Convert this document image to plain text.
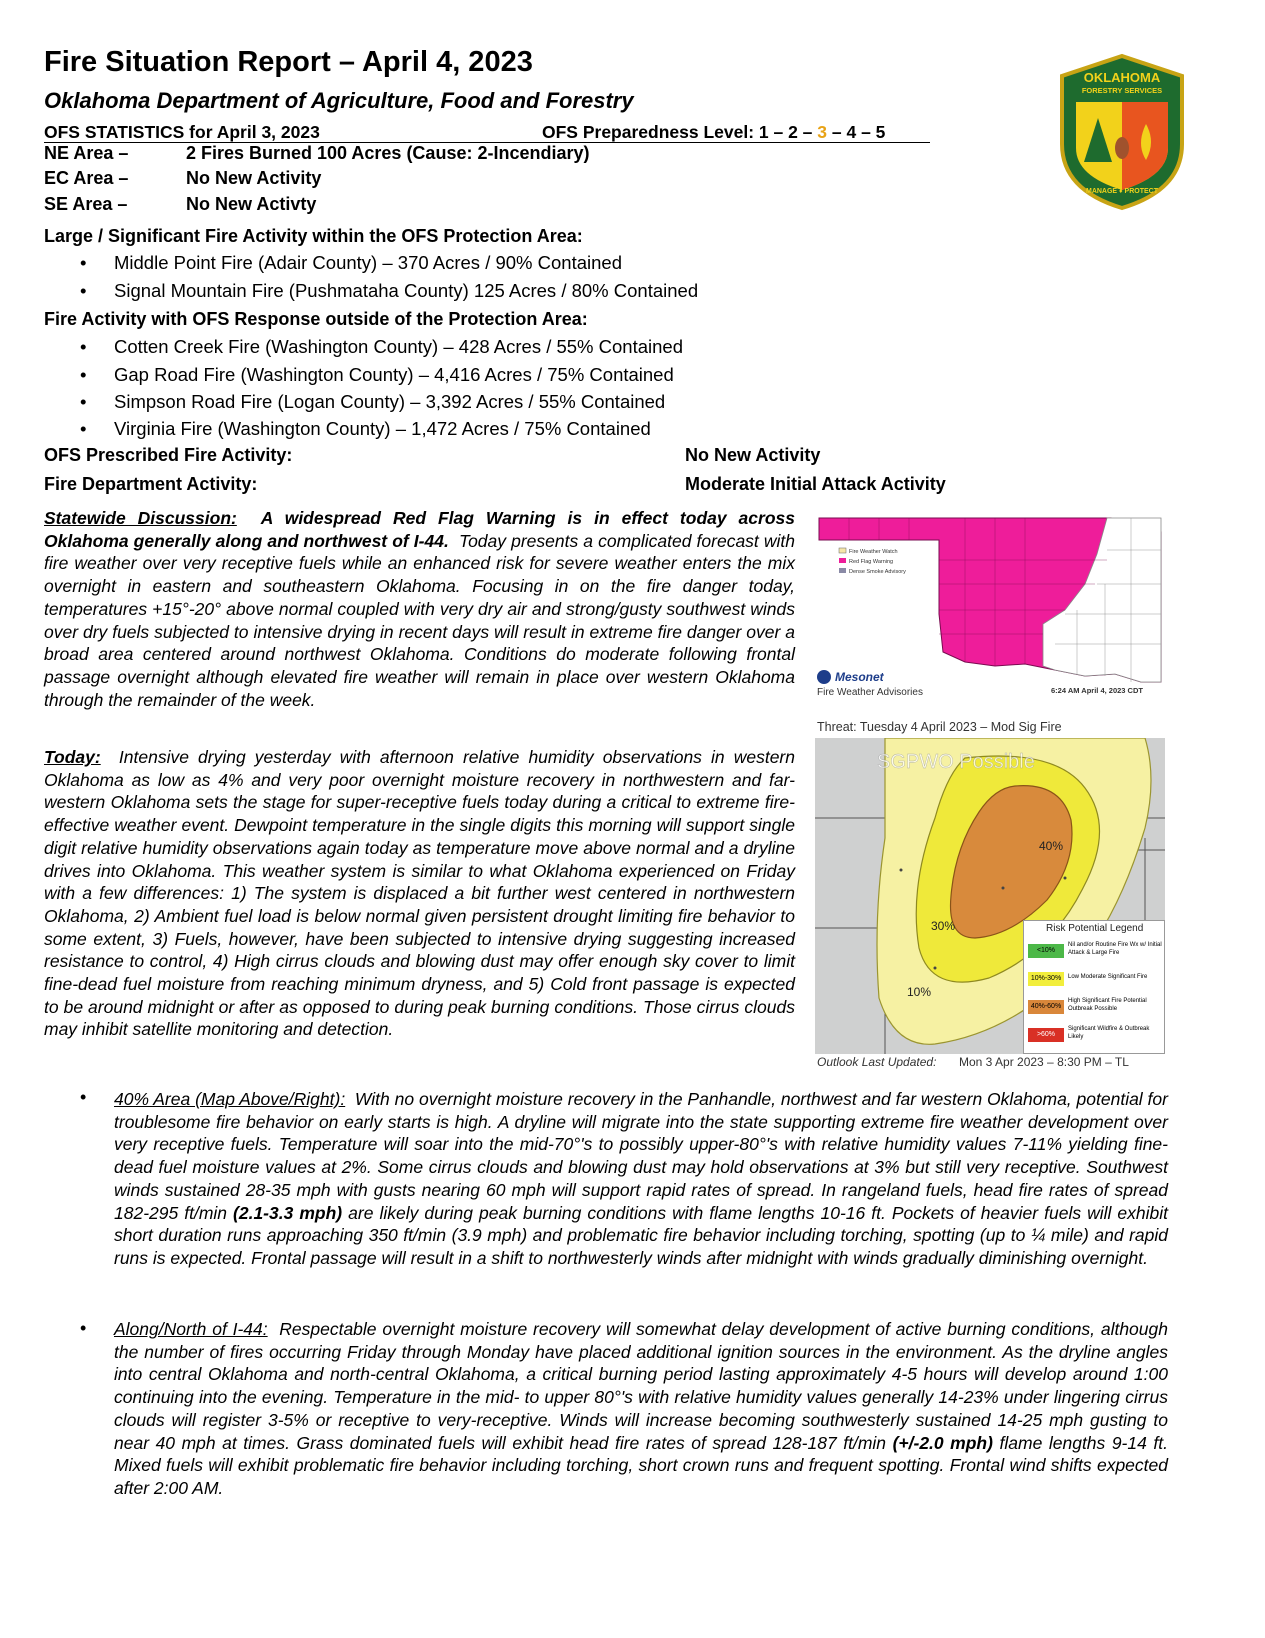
Fire Situation Report – April 4, 2023
Oklahoma Department of Agriculture, Food and Forestry
OKLAHOMA
FORESTRY SERVICES
MANAGE ♦ PROTECT
OFS STATISTICS for April 3, 2023	OFS Preparedness Level: 1 – 2 – 3 – 4 – 5
NE Area –	2 Fires Burned 100 Acres (Cause: 2-Incendiary)
EC Area –	No New Activity
SE Area –	No New Activty
Large / Significant Fire Activity within the OFS Protection Area:
• Middle Point Fire (Adair County) – 370 Acres / 90% Contained
• Signal Mountain Fire (Pushmataha County) 125 Acres / 80% Contained
Fire Activity with OFS Response outside of the Protection Area:
• Cotten Creek Fire (Washington County) – 428 Acres / 55% Contained
• Gap Road Fire (Washington County) – 4,416 Acres / 75% Contained
• Simpson Road Fire (Logan County) – 3,392 Acres / 55% Contained
• Virginia Fire (Washington County) – 1,472 Acres / 75% Contained
OFS Prescribed Fire Activity:	No New Activity
Fire Department Activity:	Moderate Initial Attack Activity
Statewide Discussion: A widespread Red Flag Warning is in effect today across Oklahoma generally along and northwest of I-44. Today presents a complicated forecast with fire weather over very receptive fuels while an enhanced risk for severe weather enters the mix overnight in eastern and southeastern Oklahoma. Focusing in on the fire danger today, temperatures +15°-20° above normal coupled with very dry air and strong/gusty southwest winds over dry fuels subjected to intensive drying in recent days will result in extreme fire danger over a broad area centered around northwest Oklahoma. Conditions do moderate following frontal passage overnight although elevated fire weather will remain in place over western Oklahoma through the remainder of the week.
Today: Intensive drying yesterday with afternoon relative humidity observations in western Oklahoma as low as 4% and very poor overnight moisture recovery in northwestern and far-western Oklahoma sets the stage for super-receptive fuels today during a critical to extreme fire-effective weather event. Dewpoint temperature in the single digits this morning will support single digit relative humidity observations again today as temperature move above normal and a dryline drives into Oklahoma. This weather system is similar to what Oklahoma experienced on Friday with a few differences: 1) The system is displaced a bit further west centered in northwestern Oklahoma, 2) Ambient fuel load is below normal given persistent drought limiting fire behavior to some extent, 3) Fuels, however, have been subjected to intensive drying suggesting increased resistance to control, 4) High cirrus clouds and blowing dust may offer enough sky cover to limit fine-dead fuel moisture from reaching minimum dryness, and 5) Cold front passage is expected to be around midnight or after as opposed to during peak burning conditions. Those cirrus clouds may inhibit satellite monitoring and detection.
Fire Weather Watch
Red Flag Warning
Dense Smoke Advisory
Mesonet
Fire Weather Advisories	6:24 AM April 4, 2023 CDT
Threat: Tuesday 4 April 2023 – Mod Sig Fire
40%
30%
10%
SGPWO Possible
Risk Potential Legend
<10%
Nil and/or Routine Fire Wx w/ Initial Attack & Large Fire
10%-30%	Low Moderate Significant Fire
40%-60%
High Significant Fire Potential Outbreak Possible
>60%
Significant Wildfire & Outbreak Likely
Outlook Last Updated: Mon 3 Apr 2023 – 8:30 PM – TL
• 40% Area (Map Above/Right): With no overnight moisture recovery in the Panhandle, northwest and far western Oklahoma, potential for troublesome fire behavior on early starts is high. A dryline will migrate into the state supporting extreme fire weather development over very receptive fuels. Temperature will soar into the mid-70°'s to possibly upper-80°'s with relative humidity values 7-11% yielding fine-dead fuel moisture values at 2%. Some cirrus clouds and blowing dust may hold observations at 3% but still very receptive. Southwest winds sustained 28-35 mph with gusts nearing 60 mph will support rapid rates of spread. In rangeland fuels, head fire rates of spread 182-295 ft/min (2.1-3.3 mph) are likely during peak burning conditions with flame lengths 10-16 ft. Pockets of heavier fuels will exhibit short duration runs approaching 350 ft/min (3.9 mph) and problematic fire behavior including torching, spotting (up to ¼ mile) and rapid runs is expected. Frontal passage will result in a shift to northwesterly winds after midnight with winds gradually diminishing overnight.
• Along/North of I-44: Respectable overnight moisture recovery will somewhat delay development of active burning conditions, although the number of fires occurring Friday through Monday have placed additional ignition sources in the environment. As the dryline angles into central Oklahoma and north-central Oklahoma, a critical burning period lasting approximately 4-5 hours will develop around 1:00 continuing into the evening. Temperature in the mid- to upper 80°'s with relative humidity values generally 14-23% under lingering cirrus clouds will register 3-5% or receptive to very-receptive. Winds will increase becoming southwesterly sustained 14-25 mph gusting to near 40 mph at times. Grass dominated fuels will exhibit head fire rates of spread 128-187 ft/min (+/-2.0 mph) flame lengths 9-14 ft. Mixed fuels will exhibit problematic fire behavior including torching, short crown runs and frequent spotting. Frontal wind shifts expected after 2:00 AM.
